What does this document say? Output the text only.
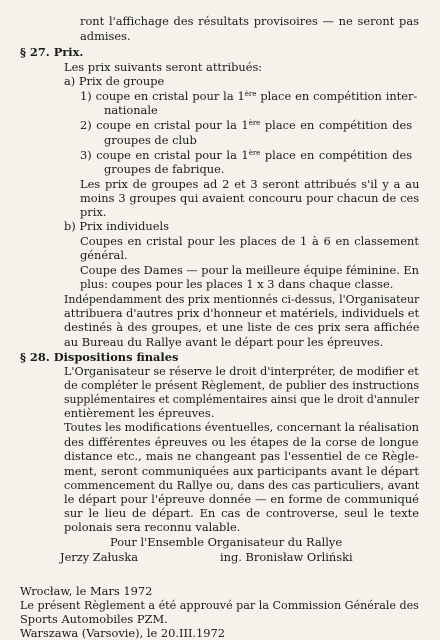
ront l'affichage des résultats provisoires — ne seront pas
admises.
§ 27. Prix.
Les prix suivants seront attribués:
a) Prix de groupe
1) coupe en cristal pour la 1ère place en compétition inter-
nationale
2) coupe en cristal pour la 1ère place en compétition des
groupes de club
3) coupe en cristal pour la 1ère place en compétition des
groupes de fabrique.
Les prix de groupes ad 2 et 3 seront attribués s'il y a au
moins 3 groupes qui avaient concouru pour chacun de ces
prix.
b) Prix individuels
Coupes en cristal pour les places de 1 à 6 en classement
général.
Coupe des Dames — pour la meilleure équipe féminine. En
plus: coupes pour les places 1 x 3 dans chaque classe.
Indépendamment des prix mentionnés ci-dessus, l'Organisateur
attribuera d'autres prix d'honneur et matériels, individuels et
destinés à des groupes, et une liste de ces prix sera affichée
au Bureau du Rallye avant le départ pour les épreuves.
§ 28. Dispositions finales
L'Organisateur se réserve le droit d'interpréter, de modifier et
de compléter le présent Règlement, de publier des instructions
supplémentaires et complémentaires ainsi que le droit d'annuler
entièrement les épreuves.
Toutes les modifications éventuelles, concernant la réalisation
des différentes épreuves ou les étapes de la corse de longue
distance etc., mais ne changeant pas l'essentiel de ce Règle-
ment, seront communiquées aux participants avant le départ
commencement du Rallye ou, dans des cas particuliers, avant
le départ pour l'épreuve donnée — en forme de communiqué
sur le lieu de départ. En cas de controverse, seul le texte
polonais sera reconnu valable.
Pour l'Ensemble Organisateur du Rallye
Jerzy Załuska	ing. Bronisław Orliński
Wrocław, le Mars 1972
Le présent Règlement a été approuvé par la Commission Générale des
Sports Automobiles PZM.
Warszawa (Varsovie), le 20.III.1972
